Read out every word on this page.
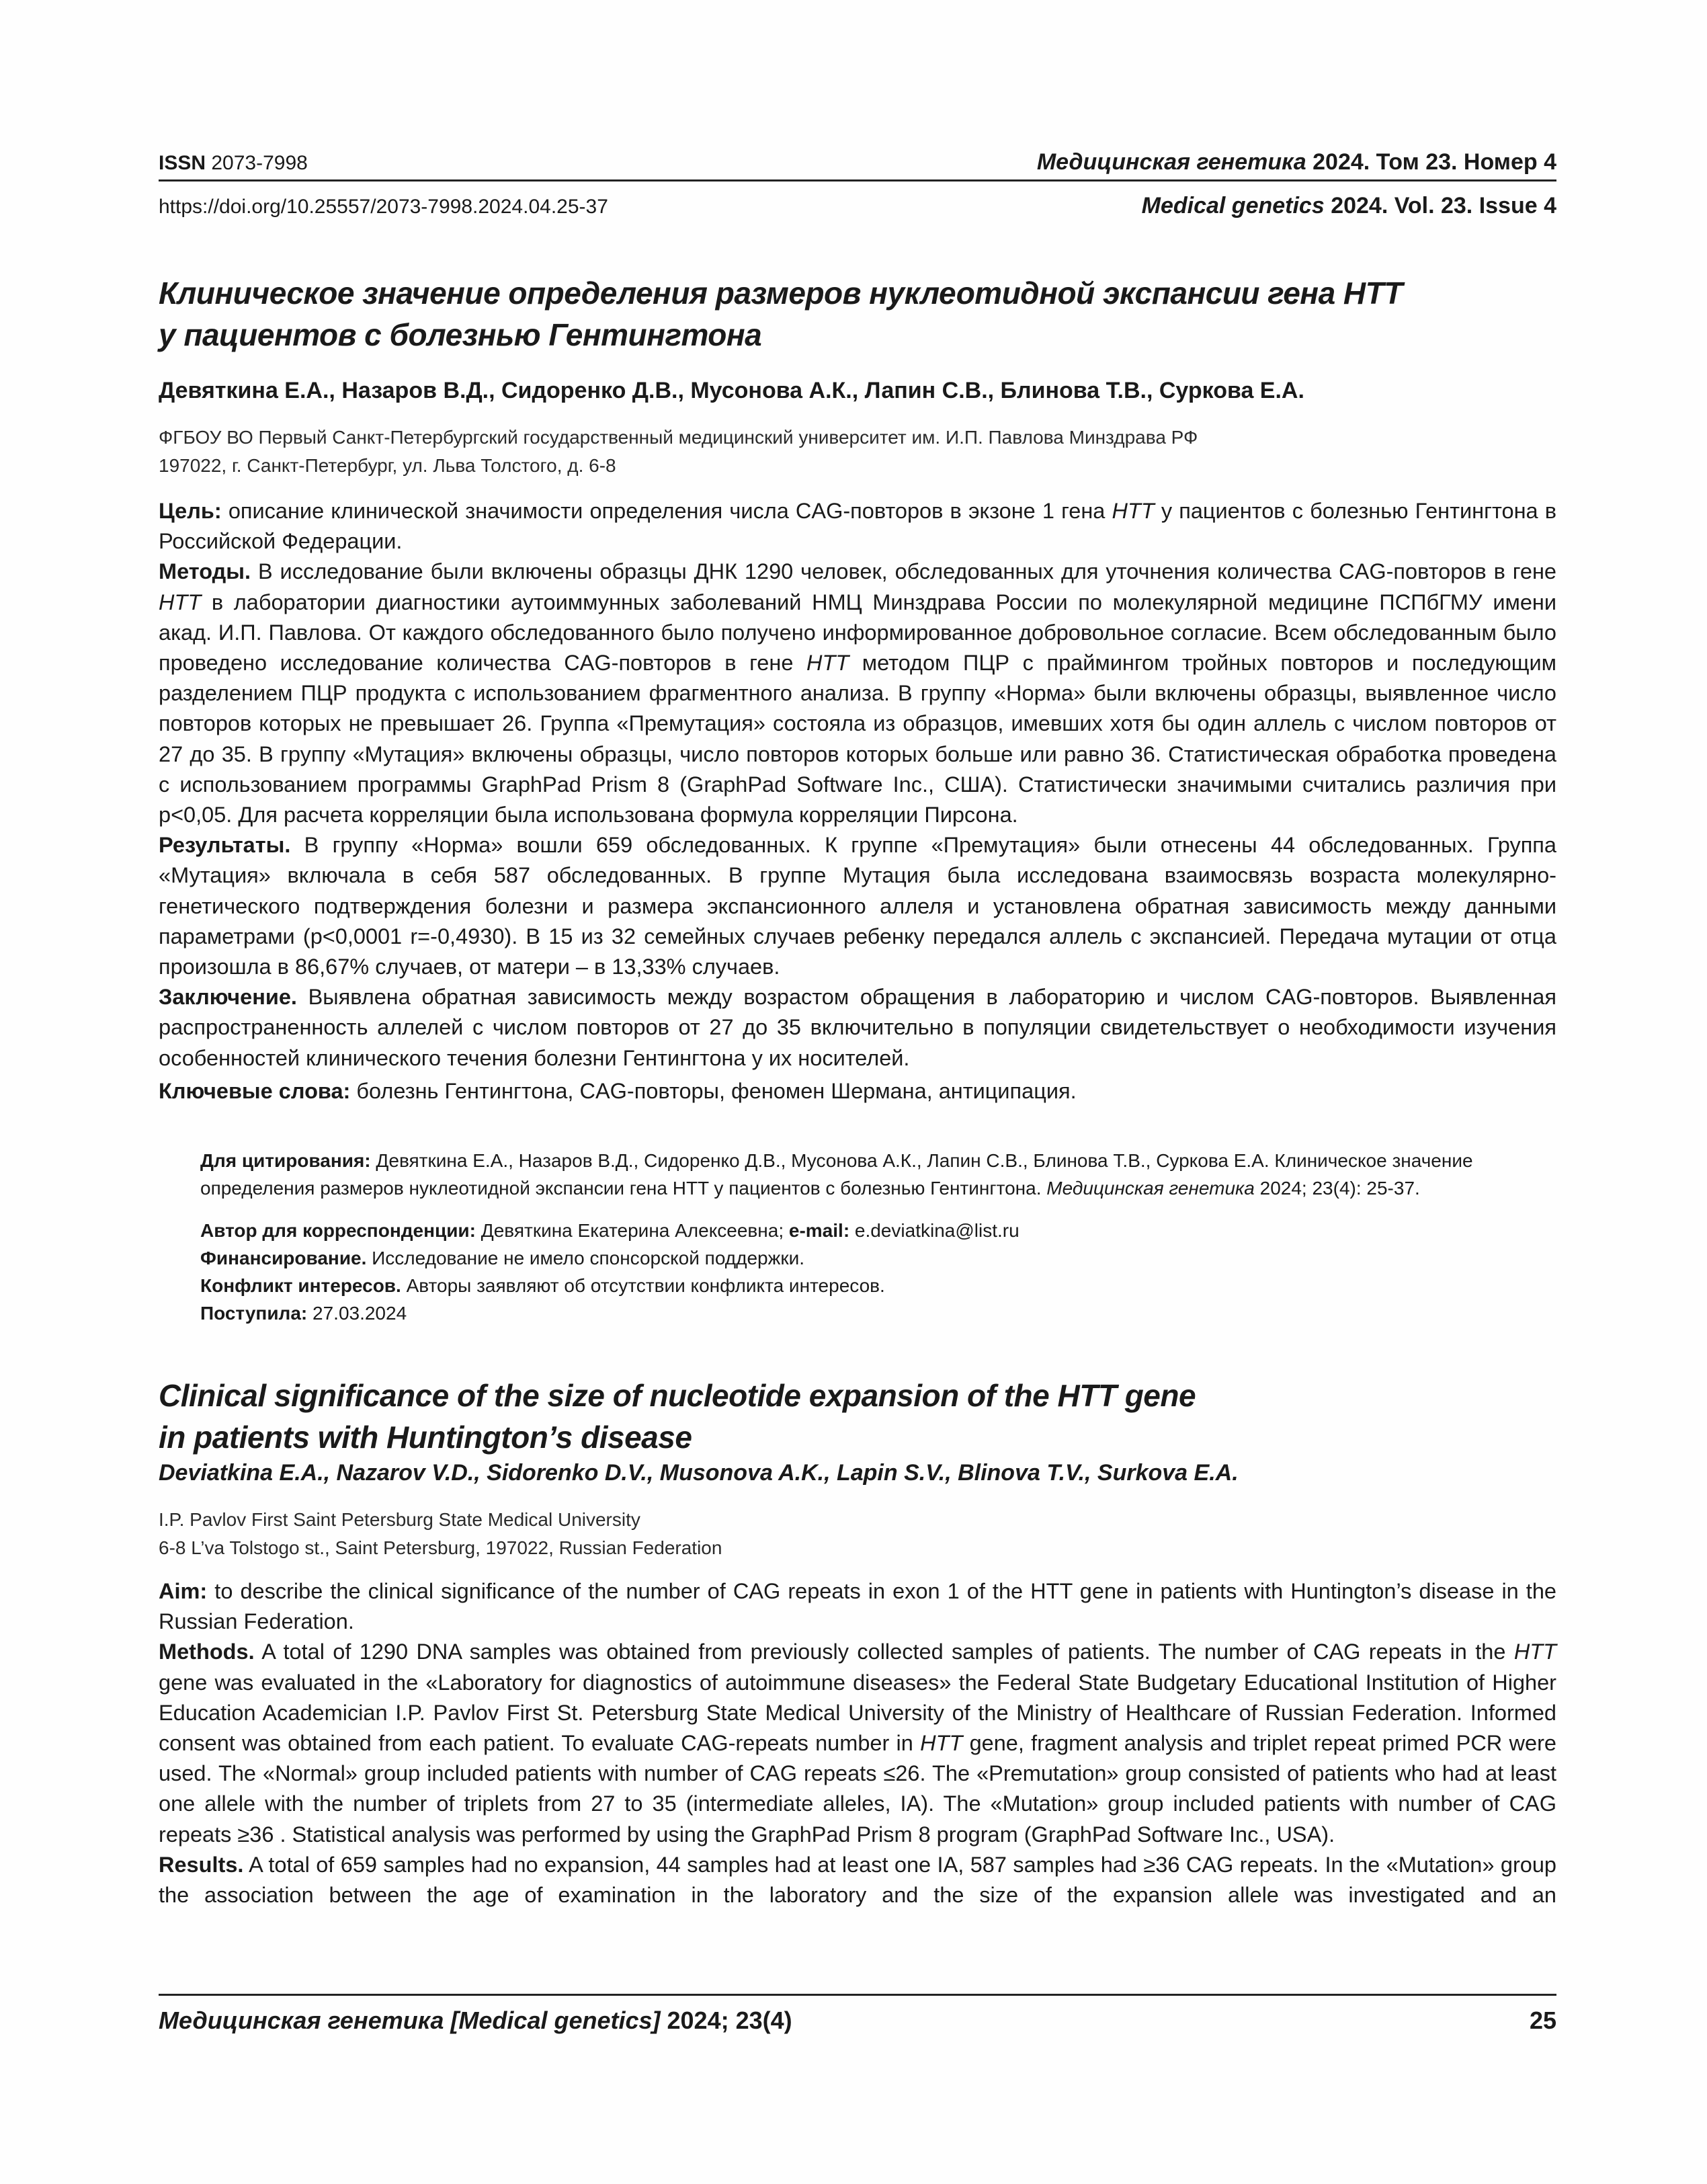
ISSN 2073-7998	Медицинская генетика 2024. Том 23. Номер 4
https://doi.org/10.25557/2073-7998.2024.04.25-37	Medical genetics 2024. Vol. 23. Issue 4
Клиническое значение определения размеров нуклеотидной экспансии гена HTT
у пациентов с болезнью Гентингтона
Девяткина Е.А., Назаров В.Д., Сидоренко Д.В., Мусонова А.К., Лапин С.В., Блинова Т.В., Суркова Е.А.
ФГБОУ ВО Первый Санкт-Петербургский государственный медицинский университет им. И.П. Павлова Минздрава РФ
197022, г. Санкт-Петербург, ул. Льва Толстого, д. 6-8

Цель: описание клинической значимости определения числа CAG-повторов в экзоне 1 гена HTT у пациентов с болезнью Гентингтона в Российской Федерации.

Методы. В исследование были включены образцы ДНК 1290 человек, обследованных для уточнения количества CAG-повторов в гене HTT в лаборатории диагностики аутоиммунных заболеваний НМЦ Минздрава России по молекулярной медицине ПСПбГМУ имени акад. И.П. Павлова. От каждого обследованного было получено информированное добровольное согласие. Всем обследованным было проведено исследование количества CAG-повторов в гене HTT методом ПЦР с праймингом тройных повторов и последующим разделением ПЦР продукта с использованием фрагментного анализа. В группу «Норма» были включены образцы, выявленное число повторов которых не превышает 26. Группа «Премутация» состояла из образцов, имевших хотя бы один аллель с числом повторов от 27 до 35. В группу «Мутация» включены образцы, число повторов которых больше или равно 36. Статистическая обработка проведена с использованием программы GraphPad Prism 8 (GraphPad Software Inc., США). Статистически значимыми считались различия при p<0,05. Для расчета корреляции была использована формула корреляции Пирсона.

Результаты. В группу «Норма» вошли 659 обследованных. К группе «Премутация» были отнесены 44 обследованных. Группа «Мутация» включала в себя 587 обследованных. В группе Мутация была исследована взаимосвязь возраста молекулярно-генетического подтверждения болезни и размера экспансионного аллеля и установлена обратная зависимость между данными параметрами (p<0,0001 r=-0,4930). В 15 из 32 семейных случаев ребенку передался аллель с экспансией. Передача мутации от отца произошла в 86,67% случаев, от матери – в 13,33% случаев.

Заключение. Выявлена обратная зависимость между возрастом обращения в лабораторию и числом CAG-повторов. Выявленная распространенность аллелей с числом повторов от 27 до 35 включительно в популяции свидетельствует о необходимости изучения особенностей клинического течения болезни Гентингтона у их носителей.

Ключевые слова: болезнь Гентингтона, CAG-повторы, феномен Шермана, антиципация.

Для цитирования: Девяткина Е.А., Назаров В.Д., Сидоренко Д.В., Мусонова А.К., Лапин С.В., Блинова Т.В., Суркова Е.А. Клиническое значение определения размеров нуклеотидной экспансии гена HTT у пациентов с болезнью Гентингтона. Медицинская генетика 2024; 23(4): 25-37.

Автор для корреспонденции: Девяткина Екатерина Алексеевна; e-mail: e.deviatkina@list.ru

Финансирование. Исследование не имело спонсорской поддержки.

Конфликт интересов. Авторы заявляют об отсутствии конфликта интересов.

Поступила: 27.03.2024

Clinical significance of the size of nucleotide expansion of the HTT gene
in patients with Huntington’s disease
Deviatkina E.A., Nazarov V.D., Sidorenko D.V., Musonova A.K., Lapin S.V., Blinova T.V., Surkova E.A.
I.P. Pavlov First Saint Petersburg State Medical University
6-8 L’va Tolstogo st., Saint Petersburg, 197022, Russian Federation

Aim: to describe the clinical significance of the number of CAG repeats in exon 1 of the HTT gene in patients with Huntington’s disease in the Russian Federation.

Methods. A total of 1290 DNA samples was obtained from previously collected samples of patients. The number of CAG repeats in the HTT gene was evaluated in the «Laboratory for diagnostics of autoimmune diseases» the Federal State Budgetary Educational Institution of Higher Education Academician I.P. Pavlov First St. Petersburg State Medical University of the Ministry of Healthcare of Russian Federation. Informed consent was obtained from each patient. To evaluate CAG-repeats number in HTT gene, fragment analysis and triplet repeat primed PCR were used. The «Normal» group included patients with number of CAG repeats ≤26. The «Premutation» group consisted of patients who had at least one allele with the number of triplets from 27 to 35 (intermediate alleles, IA). The «Mutation» group included patients with number of CAG repeats ≥36 . Statistical analysis was performed by using the GraphPad Prism 8 program (GraphPad Software Inc., USA).

Results. A total of 659 samples had no expansion, 44 samples had at least one IA, 587 samples had ≥36 CAG repeats. In the «Mutation» group the association between the age of examination in the laboratory and the size of the expansion allele was investigated and an

Медицинская генетика [Medical genetics] 2024; 23(4)	25
